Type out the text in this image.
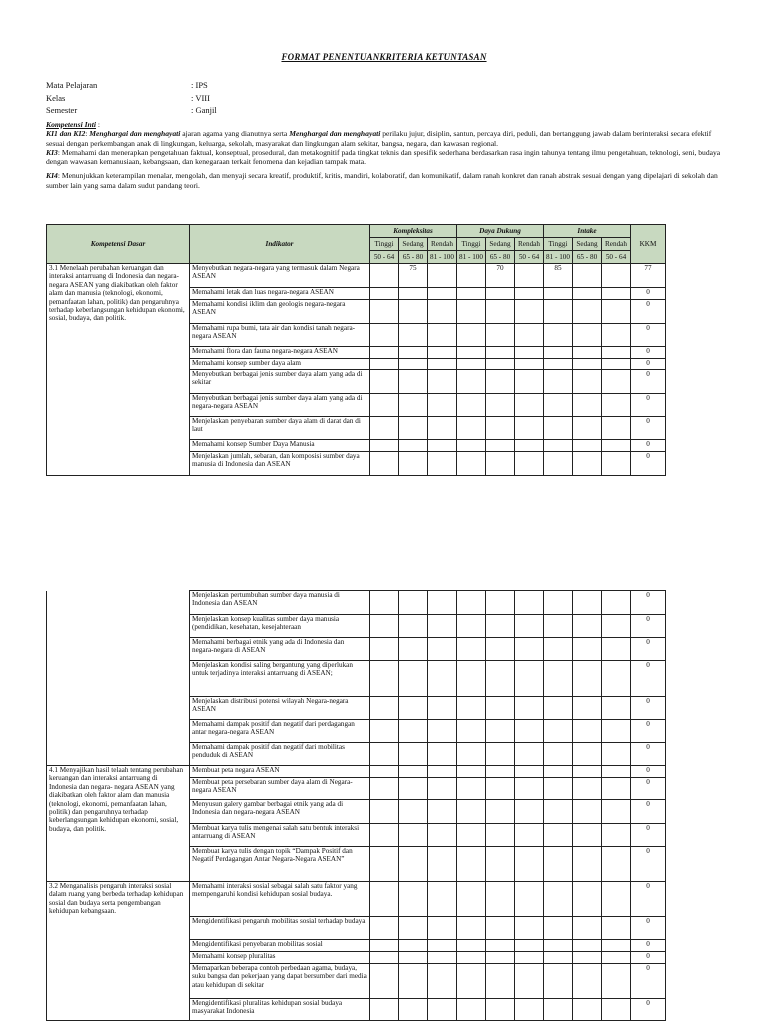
FORMAT PENENTUANKRITERIA KETUNTASAN
Mata Pelajaran	: IPS
Kelas	: VIII
Semester	: Ganjil

Kompetensi Inti :

KI1 dan KI2: Menghargai dan menghayati ajaran agama yang dianutnya serta Menghargai dan menghayati perilaku jujur, disiplin, santun, percaya diri, peduli, dan bertanggung jawab dalam berinteraksi secara efektif sesuai dengan perkembangan anak di lingkungan, keluarga, sekolah, masyarakat dan lingkungan alam sekitar, bangsa, negara, dan kawasan regional.

KI3: Memahami dan menerapkan pengetahuan faktual, konseptual, prosedural, dan metakognitif pada tingkat teknis dan spesifik sederhana berdasarkan rasa ingin tahunya tentang ilmu pengetahuan, teknologi, seni, budaya dengan wawasan kemanusiaan, kebangsaan, dan kenegaraan terkait fenomena dan kejadian tampak mata.

KI4: Menunjukkan keterampilan menalar, mengolah, dan menyaji secara kreatif, produktif, kritis, mandiri, kolaboratif, dan komunikatif, dalam ranah konkret dan ranah abstrak sesuai dengan yang dipelajari di sekolah dan sumber lain yang sama dalam sudut pandang teori.

Kompetensi Dasar	Indikator	Kompleksitas			Daya Dukung			Intake			KKM
		Tinggi	Sedang	Rendah	Tinggi	Sedang	Rendah	Tinggi	Sedang	Rendah	
		50 - 64	65 - 80	81 - 100	81 - 100	65 - 80	50 - 64	81 - 100	65 - 80	50 - 64	
3.1 Menelaah perubahan keruangan dan interaksi antarruang di Indonesia dan negara-negara ASEAN yang diakibatkan oleh faktor alam dan manusia (teknologi, ekonomi, pemanfaatan lahan, politik) dan pengaruhnya terhadap keberlangsungan kehidupan ekonomi, sosial, budaya, dan politik.	Menyebutkan negara-negara yang termasuk dalam Negara ASEAN		75			70		85			77
	Memahami letak dan luas negara-negara ASEAN										0
	Memahami kondisi iklim dan geologis negara-negara ASEAN										0
	Memahami rupa bumi, tata air dan kondisi tanah negara-negara ASEAN										0
	Memahami flora dan fauna negara-negara ASEAN										0
	Memahami konsep sumber daya alam										0
	Menyebutkan berbagai jenis sumber daya alam yang ada di sekitar										0
	Menyebutkan berbagai jenis sumber daya alam yang ada di negara-negara ASEAN										0
	Menjelaskan penyebaran sumber daya alam di darat dan di laut										0
	Memahami konsep Sumber Daya Manusia										0
	Menjelaskan jumlah, sebaran, dan komposisi sumber daya manusia di Indonesia dan ASEAN										0
	Menjelaskan pertumbuhan sumber daya manusia di Indonesia dan ASEAN										0
	Menjelaskan konsep kualitas sumber daya manusia (pendidikan, kesehatan, kesejahteraan										0
	Memahami berbagai etnik yang ada di Indonesia dan negara-negara di ASEAN										0
	Menjelaskan kondisi saling bergantung yang diperlukan untuk terjadinya interaksi antarruang di ASEAN;										0
	Menjelaskan distribusi potensi wilayah Negara-negara ASEAN										0
	Memahami dampak positif dan negatif dari perdagangan antar negara-negara ASEAN										0
	Memahami dampak positif dan negatif dari mobilitas penduduk di ASEAN										0
4.1 Menyajikan hasil telaah tentang perubahan keruangan dan interaksi antarruang di Indonesia dan negara- negara ASEAN yang diakibatkan oleh faktor alam dan manusia (teknologi, ekonomi, pemanfaatan lahan, politik) dan pengaruhnya terhadap keberlangsungan kehidupan ekonomi, sosial, budaya, dan politik.	Membuat peta negara ASEAN										0
	Membuat peta persebaran sumber daya alam di Negara-negara ASEAN										0
	Menyusun galery gambar berbagai etnik yang ada di Indonesia dan negara-negara ASEAN										0
	Membuat karya tulis mengenai salah satu bentuk interaksi antarruang di ASEAN										0
	Membuat karya tulis dengan topik “Dampak Positif dan Negatif Perdagangan Antar Negara-Negara ASEAN”										0
3.2 Menganalisis pengaruh interaksi sosial dalam ruang yang berbeda terhadap kehidupan sosial dan budaya serta pengembangan kehidupan kebangsaan.	Memahami interaksi sosial sebagai salah satu faktor yang mempengaruhi kondisi kehidupan sosial budaya.										0
	Mengidentifikasi pengaruh mobilitas sosial terhadap budaya										0
	Mengidentifikasi penyebaran mobilitas sosial										0
	Memahami konsep pluralitas										0
	Memaparkan beberapa contoh perbedaan agama, budaya, suku bangsa dan pekerjaan yang dapat bersumber dari media atau kehidupan di sekitar										0
	Mengidentifikasi pluralitas kehidupan sosial budaya masyarakat Indonesia										0
